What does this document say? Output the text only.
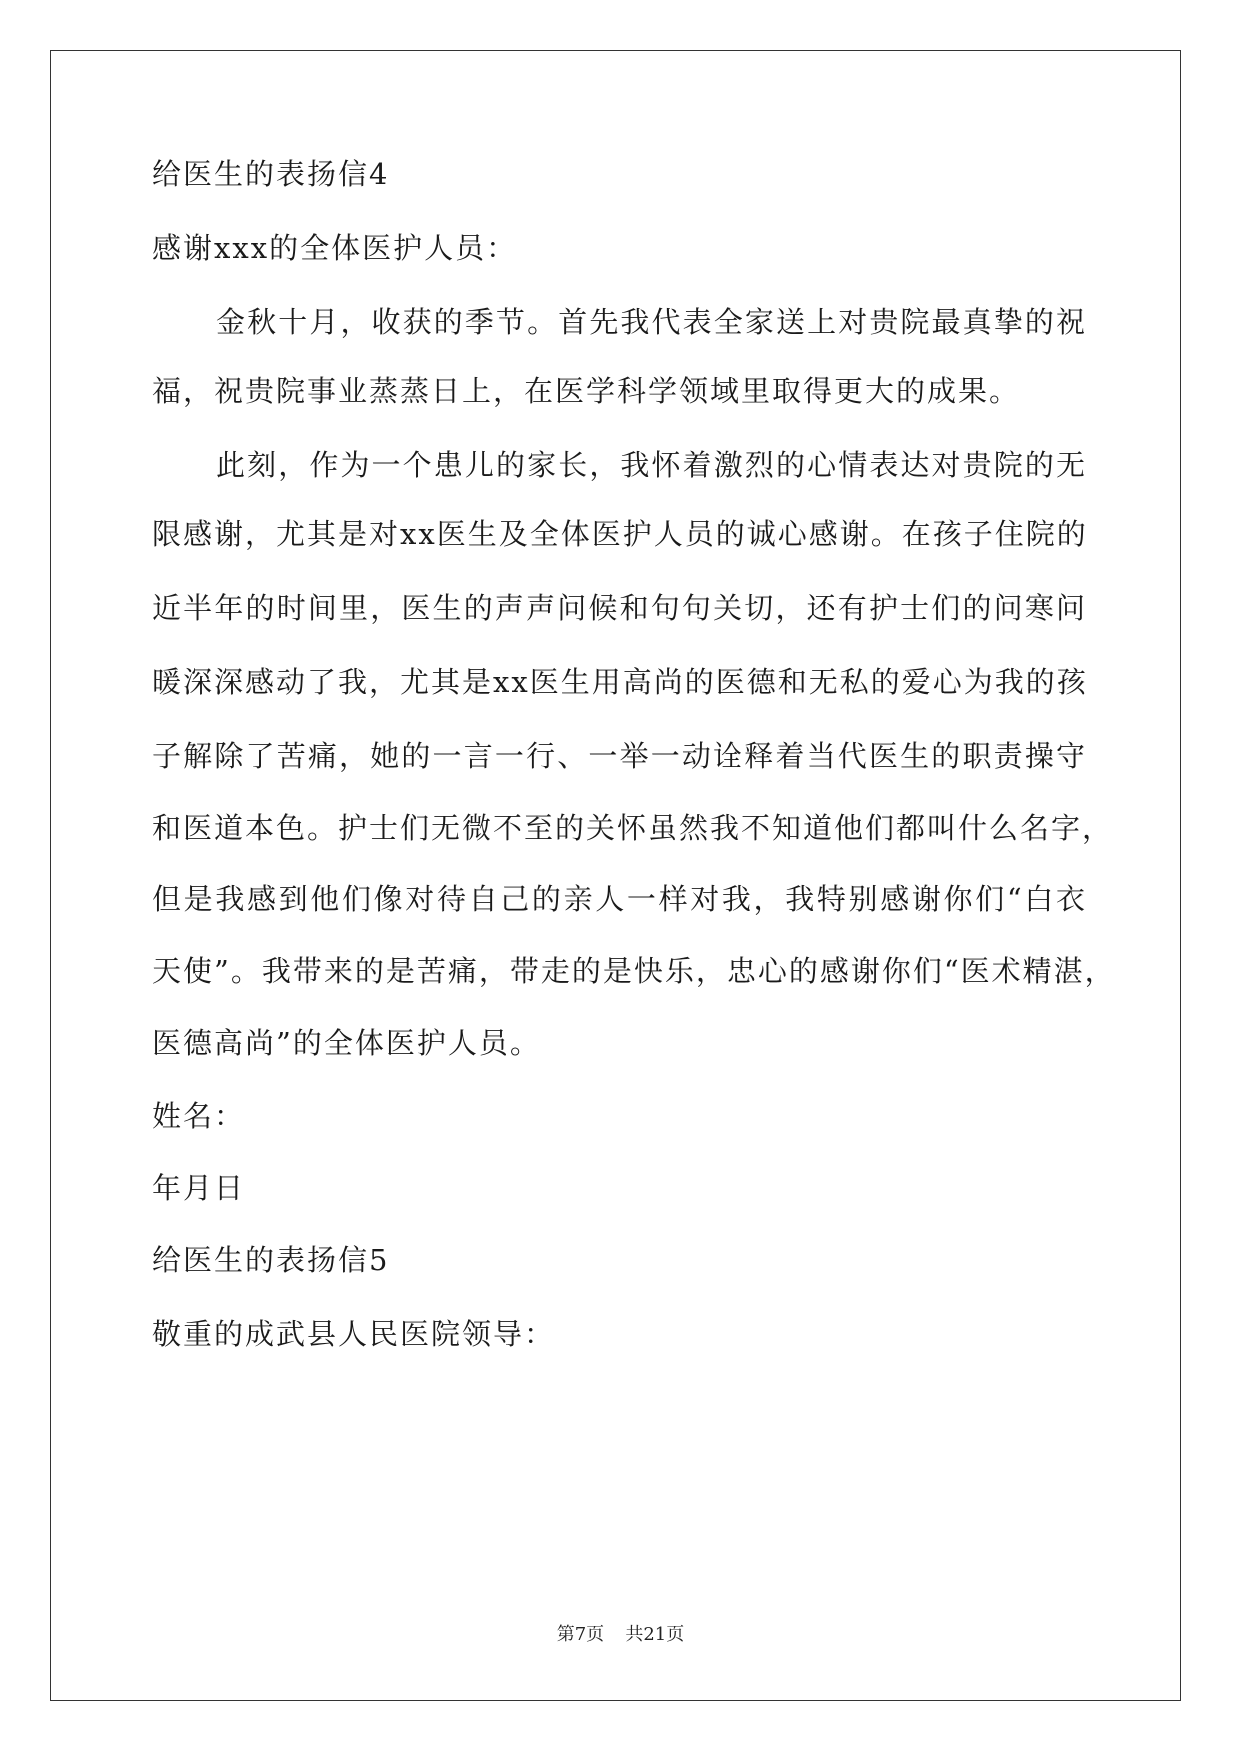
给医生的表扬信4
感谢xxx的全体医护人员：
金秋十月，收获的季节。首先我代表全家送上对贵院最真挚的祝
福，祝贵院事业蒸蒸日上，在医学科学领域里取得更大的成果。
此刻，作为一个患儿的家长，我怀着激烈的心情表达对贵院的无
限感谢，尤其是对xx医生及全体医护人员的诚心感谢。在孩子住院的
近半年的时间里，医生的声声问候和句句关切，还有护士们的问寒问
暖深深感动了我，尤其是xx医生用高尚的医德和无私的爱心为我的孩
子解除了苦痛，她的一言一行、一举一动诠释着当代医生的职责操守
和医道本色。护士们无微不至的关怀虽然我不知道他们都叫什么名字，
但是我感到他们像对待自己的亲人一样对我，我特别感谢你们“白衣
天使”。我带来的是苦痛，带走的是快乐，忠心的感谢你们“医术精湛，
医德高尚”的全体医护人员。
姓名：
年月日
给医生的表扬信5
敬重的成武县人民医院领导：
第7页 共21页
